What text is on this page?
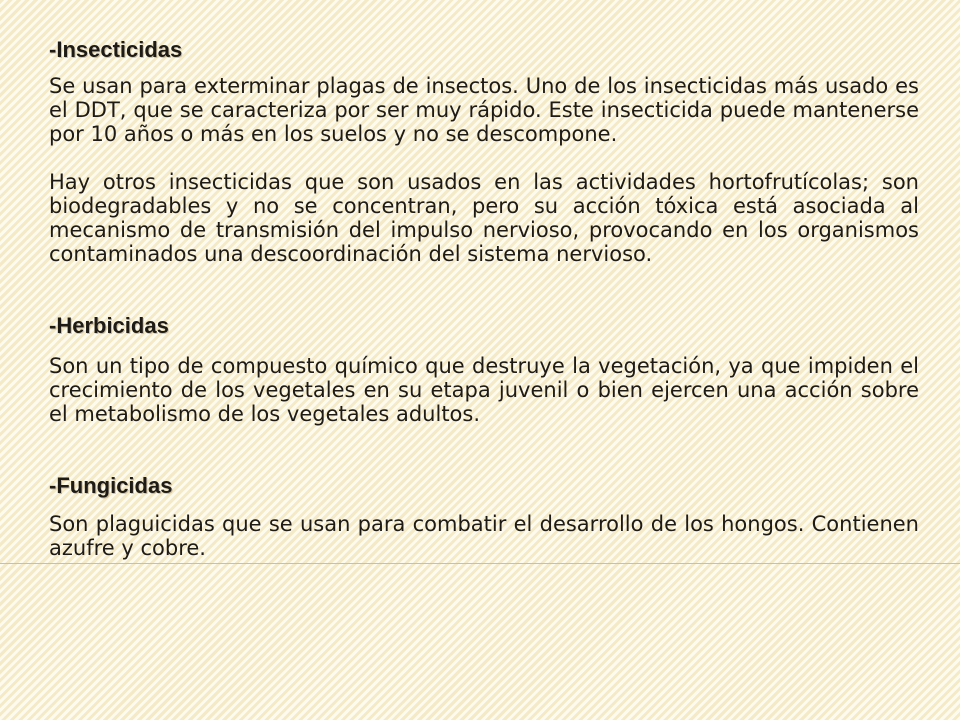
-Insecticidas

Se usan para exterminar plagas de insectos. Uno de los insecticidas más usado es el DDT, que se caracteriza por ser muy rápido. Este insecticida puede mantenerse por 10 años o más en los suelos y no se descompone.

Hay otros insecticidas que son usados en las actividades hortofrutícolas; son biodegradables y no se concentran, pero su acción tóxica está asociada al mecanismo de transmisión del impulso nervioso, provocando en los organismos contaminados una descoordinación del sistema nervioso.

-Herbicidas

Son un tipo de compuesto químico que destruye la vegetación, ya que impiden el crecimiento de los vegetales en su etapa juvenil o bien ejercen una acción sobre el metabolismo de los vegetales adultos.

-Fungicidas

Son plaguicidas que se usan para combatir el desarrollo de los hongos. Contienen azufre y cobre.
